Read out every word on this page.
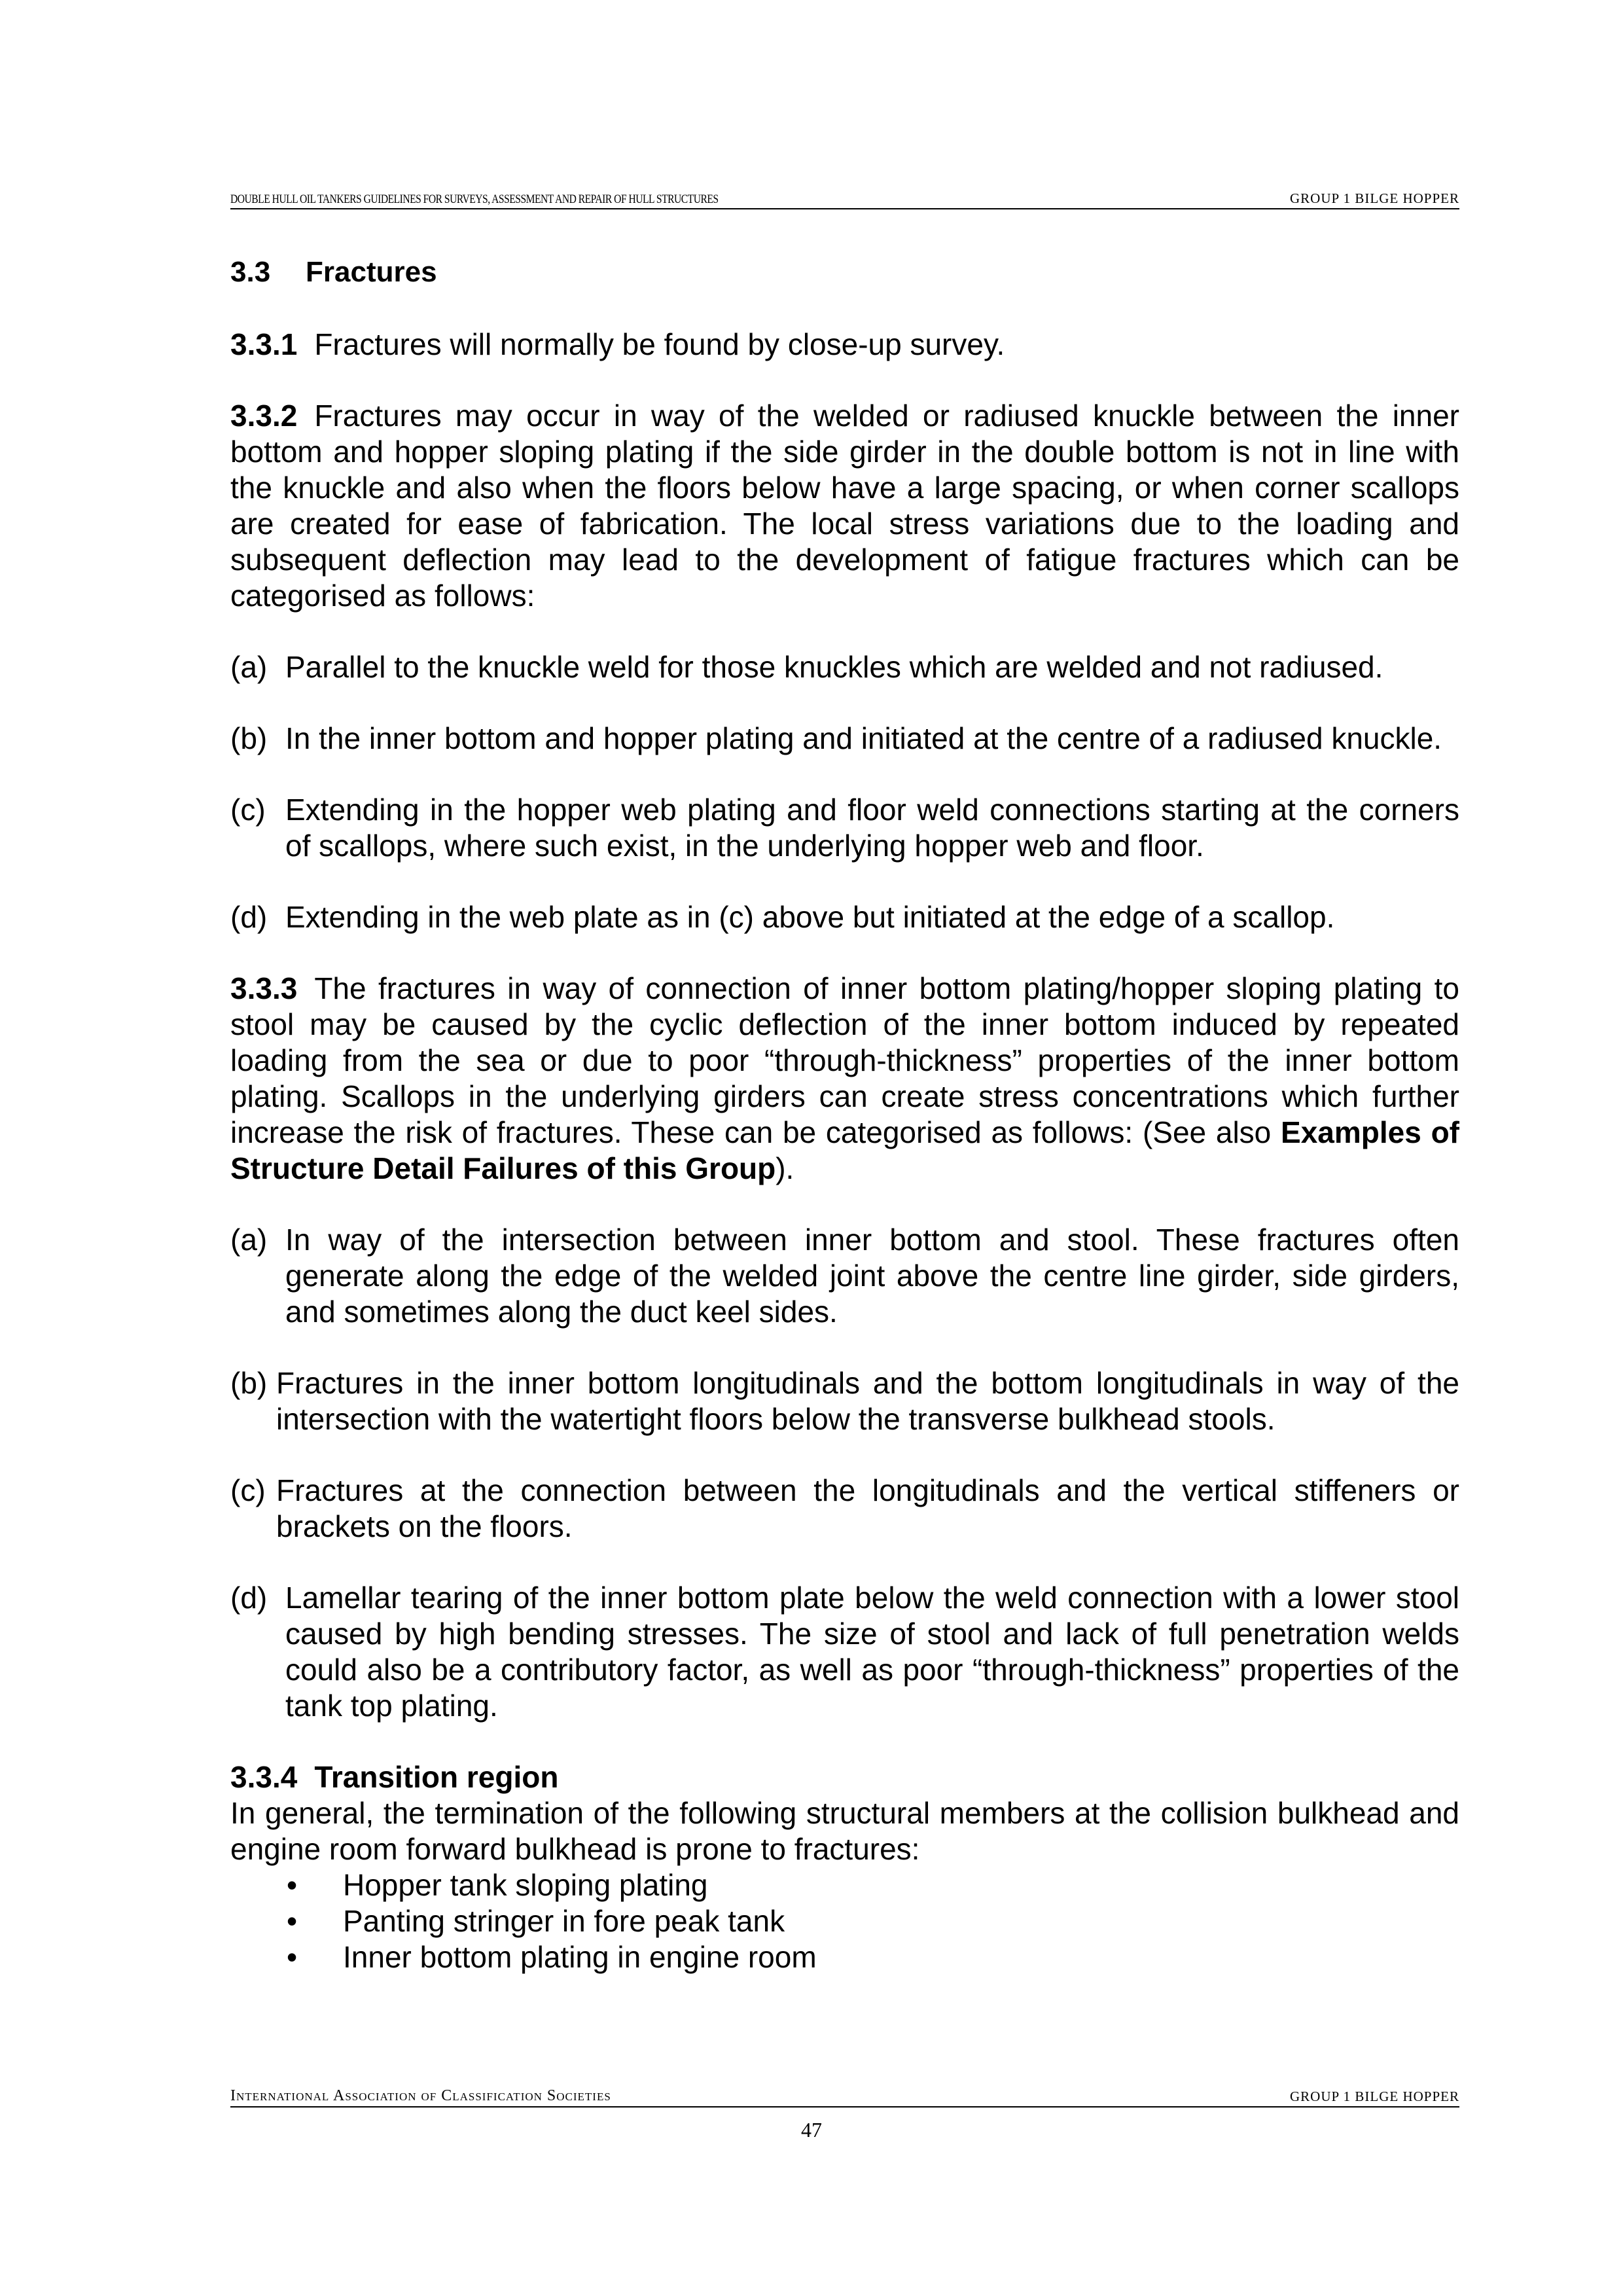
DOUBLE HULL OIL TANKERS GUIDELINES FOR SURVEYS, ASSESSMENT AND REPAIR OF HULL STRUCTURES	GROUP 1 BILGE HOPPER
3.3 Fractures

3.3.1 Fractures will normally be found by close-up survey.

3.3.2 Fractures may occur in way of the welded or radiused knuckle between the inner bottom and hopper sloping plating if the side girder in the double bottom is not in line with the knuckle and also when the floors below have a large spacing, or when corner scallops are created for ease of fabrication. The local stress variations due to the loading and subsequent deflection may lead to the development of fatigue fractures which can be categorised as follows:

(a) Parallel to the knuckle weld for those knuckles which are welded and not radiused.
(b) In the inner bottom and hopper plating and initiated at the centre of a radiused knuckle.
(c) Extending in the hopper web plating and floor weld connections starting at the corners of scallops, where such exist, in the underlying hopper web and floor.
(d) Extending in the web plate as in (c) above but initiated at the edge of a scallop.

3.3.3 The fractures in way of connection of inner bottom plating/hopper sloping plating to stool may be caused by the cyclic deflection of the inner bottom induced by repeated loading from the sea or due to poor “through-thickness” properties of the inner bottom plating. Scallops in the underlying girders can create stress concentrations which further increase the risk of fractures. These can be categorised as follows: (See also Examples of Structure Detail Failures of this Group).

(a) In way of the intersection between inner bottom and stool. These fractures often generate along the edge of the welded joint above the centre line girder, side girders, and sometimes along the duct keel sides.
(b) Fractures in the inner bottom longitudinals and the bottom longitudinals in way of the intersection with the watertight floors below the transverse bulkhead stools.
(c) Fractures at the connection between the longitudinals and the vertical stiffeners or brackets on the floors.
(d) Lamellar tearing of the inner bottom plate below the weld connection with a lower stool caused by high bending stresses. The size of stool and lack of full penetration welds could also be a contributory factor, as well as poor “through-thickness” properties of the tank top plating.

3.3.4 Transition region

In general, the termination of the following structural members at the collision bulkhead and engine room forward bulkhead is prone to fractures:

• Hopper tank sloping plating
• Panting stringer in fore peak tank
• Inner bottom plating in engine room
International Association of Classification Societies	GROUP 1 BILGE HOPPER
47
